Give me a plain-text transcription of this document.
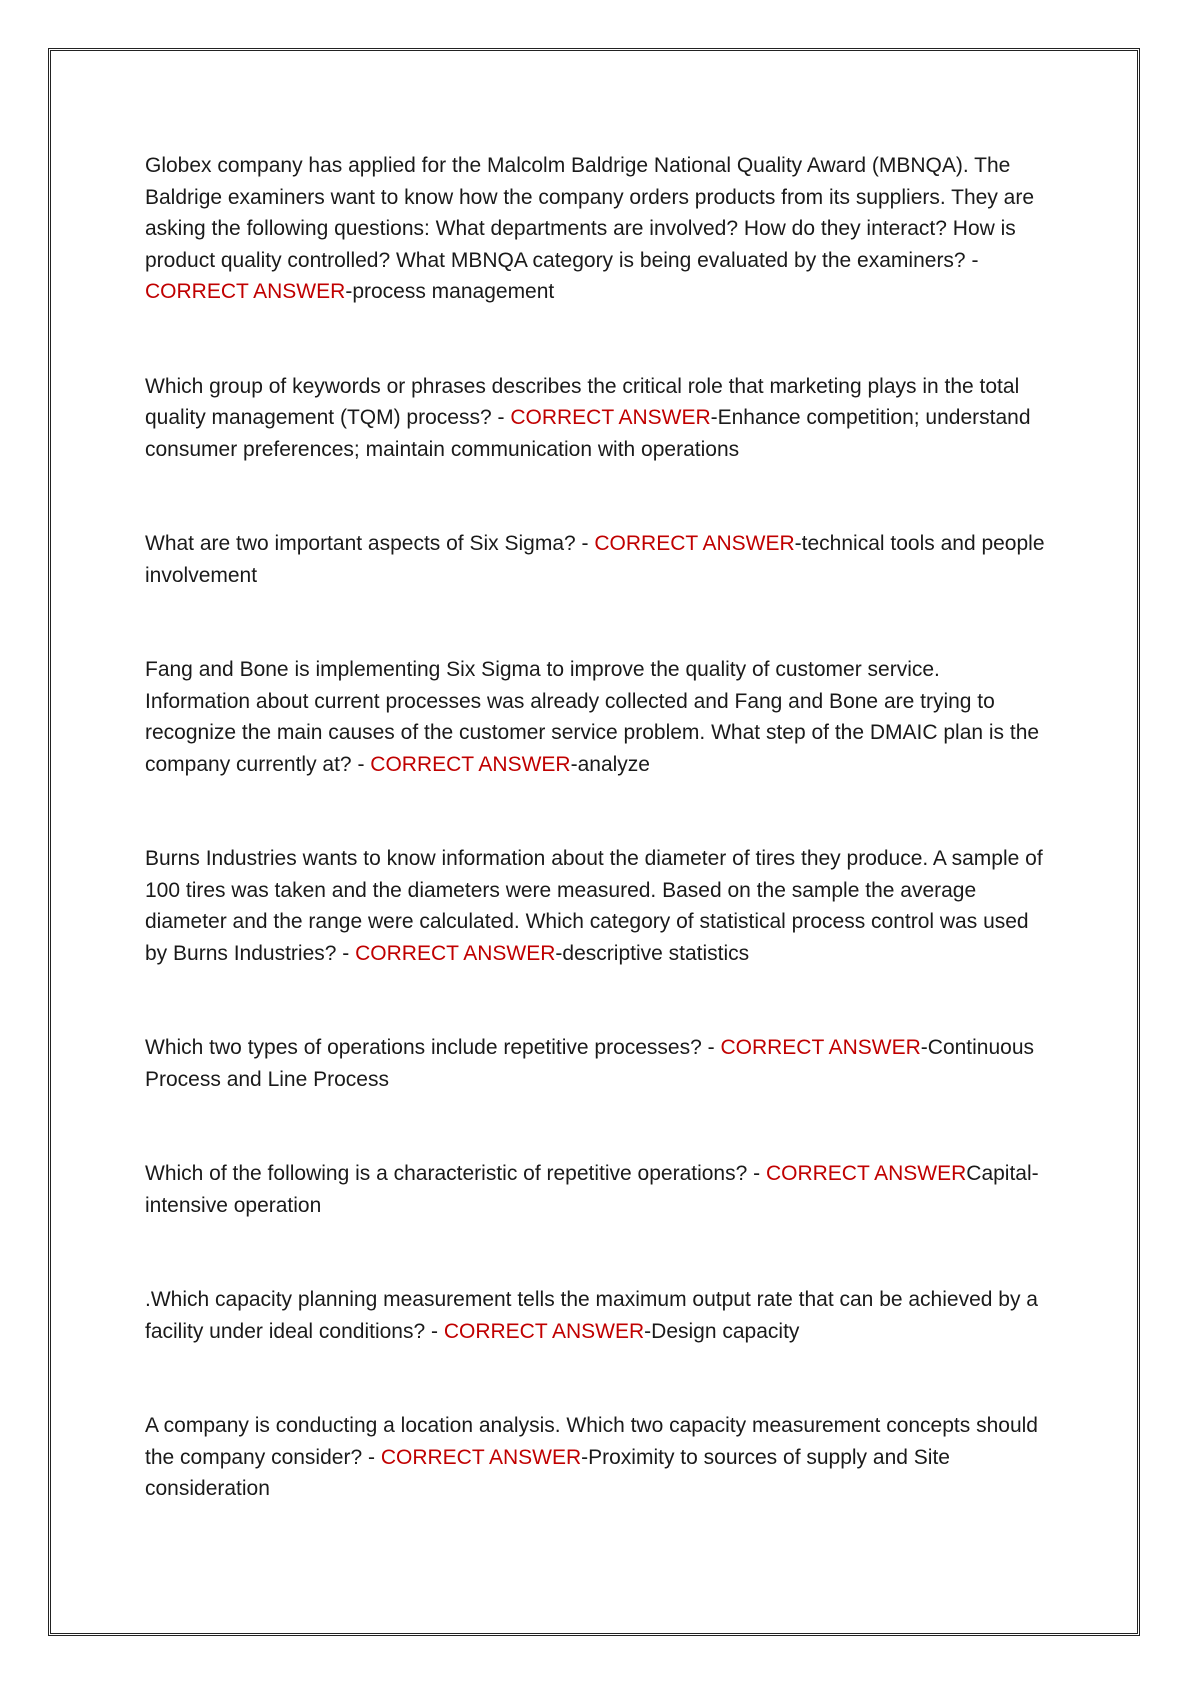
Globex company has applied for the Malcolm Baldrige National Quality Award (MBNQA). The Baldrige examiners want to know how the company orders products from its suppliers. They are asking the following questions: What departments are involved? How do they interact? How is product quality controlled? What MBNQA category is being evaluated by the examiners? - CORRECT ANSWER-process management

Which group of keywords or phrases describes the critical role that marketing plays in the total quality management (TQM) process? - CORRECT ANSWER-Enhance competition; understand consumer preferences; maintain communication with operations

What are two important aspects of Six Sigma? - CORRECT ANSWER-technical tools and people involvement

Fang and Bone is implementing Six Sigma to improve the quality of customer service. Information about current processes was already collected and Fang and Bone are trying to recognize the main causes of the customer service problem. What step of the DMAIC plan is the company currently at? - CORRECT ANSWER-analyze

Burns Industries wants to know information about the diameter of tires they produce. A sample of 100 tires was taken and the diameters were measured. Based on the sample the average diameter and the range were calculated. Which category of statistical process control was used by Burns Industries? - CORRECT ANSWER-descriptive statistics

Which two types of operations include repetitive processes? - CORRECT ANSWER-Continuous Process and Line Process

Which of the following is a characteristic of repetitive operations? - CORRECT ANSWERCapital-intensive operation

.Which capacity planning measurement tells the maximum output rate that can be achieved by a facility under ideal conditions? - CORRECT ANSWER-Design capacity

A company is conducting a location analysis. Which two capacity measurement concepts should the company consider? - CORRECT ANSWER-Proximity to sources of supply and Site consideration
